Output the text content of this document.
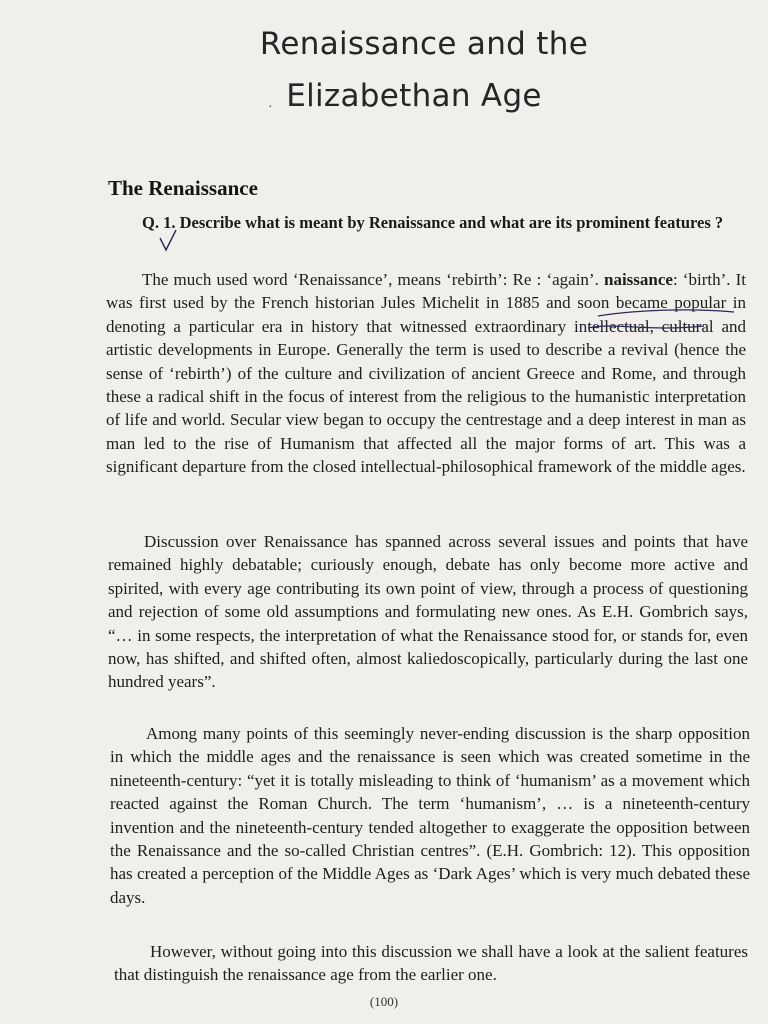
Renaissance and the
· Elizabethan Age
The Renaissance

Q. 1. Describe what is meant by Renaissance and what are its prominent features ?

The much used word ‘Renaissance’, means ‘rebirth’: Re : ‘again’. naissance: ‘birth’. It was first used by the French historian Jules Michelit in 1885 and soon became popular in denoting a particular era in history that witnessed extraordinary intellectual, cultural and artistic developments in Europe. Generally the term is used to describe a revival (hence the sense of ‘rebirth’) of the culture and civilization of ancient Greece and Rome, and through these a radical shift in the focus of interest from the religious to the humanistic interpretation of life and world. Secular view began to occupy the centrestage and a deep interest in man as man led to the rise of Humanism that affected all the major forms of art. This was a significant departure from the closed intellectual-philosophical framework of the middle ages.

Discussion over Renaissance has spanned across several issues and points that have remained highly debatable; curiously enough, debate has only become more active and spirited, with every age contributing its own point of view, through a process of questioning and rejection of some old assumptions and formulating new ones. As E.H. Gombrich says, “… in some respects, the interpretation of what the Renaissance stood for, or stands for, even now, has shifted, and shifted often, almost kaliedoscopically, particularly during the last one hundred years”.

Among many points of this seemingly never-ending discussion is the sharp opposition in which the middle ages and the renaissance is seen which was created sometime in the nineteenth-century: “yet it is totally misleading to think of ‘humanism’ as a movement which reacted against the Roman Church. The term ‘humanism’, … is a nineteenth-century invention and the nineteenth-century tended altogether to exaggerate the opposition between the Renaissance and the so-called Christian centres”. (E.H. Gombrich: 12). This opposition has created a perception of the Middle Ages as ‘Dark Ages’ which is very much debated these days.

However, without going into this discussion we shall have a look at the salient features that distinguish the renaissance age from the earlier one.

(100)
